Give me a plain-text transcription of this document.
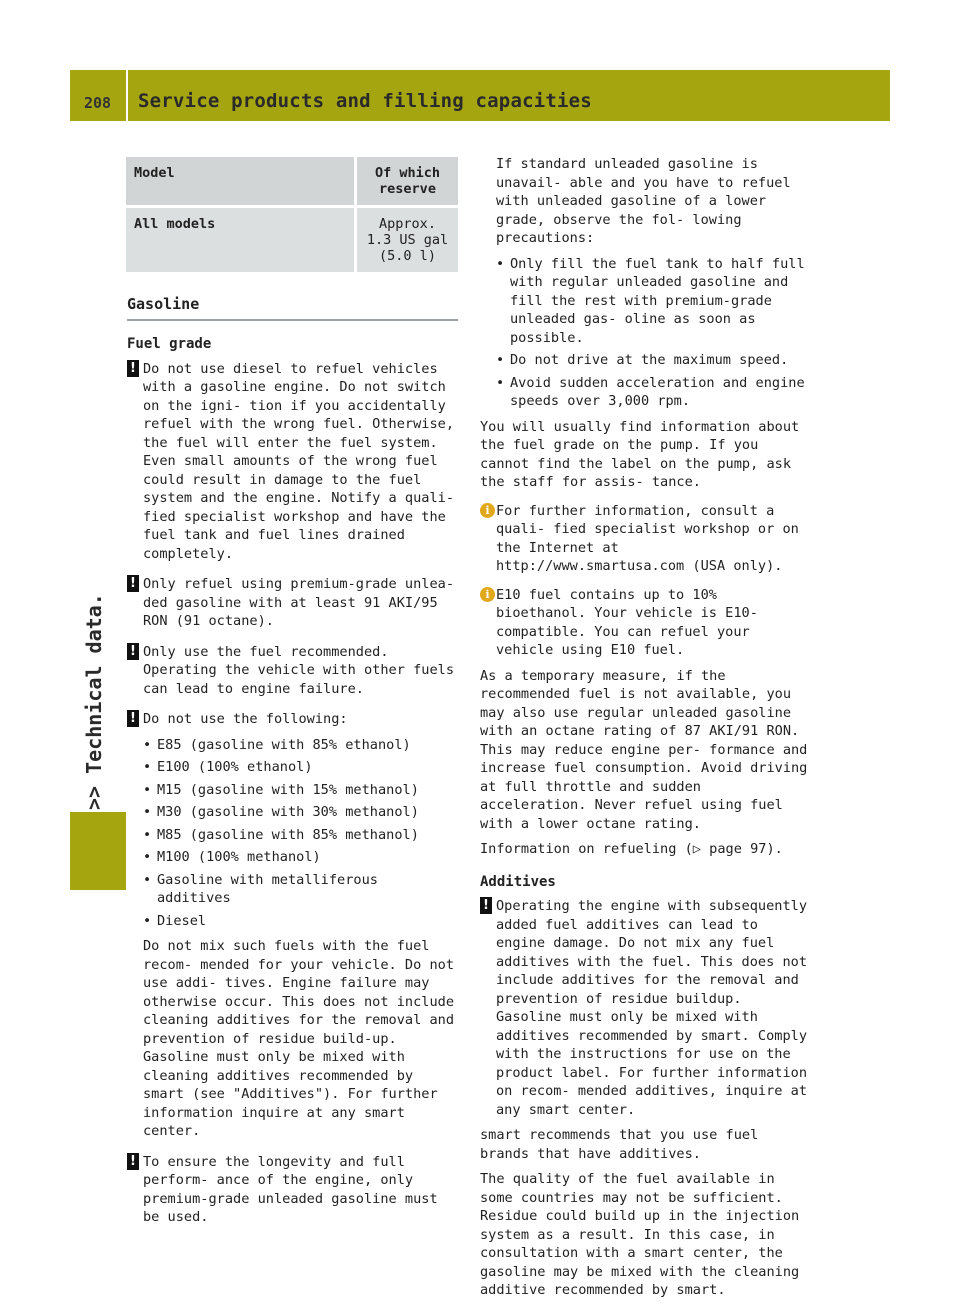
208 Service products and filling capacities
>> Technical data.
Model	Of which reserve
All models	Approx.
1.3 US gal
(5.0 l)
Gasoline
Fuel grade
! Do not use diesel to refuel vehicles with a gasoline engine. Do not switch on the igni- tion if you accidentally refuel with the wrong fuel. Otherwise, the fuel will enter the fuel system. Even small amounts of the wrong fuel could result in damage to the fuel system and the engine. Notify a quali- fied specialist workshop and have the fuel tank and fuel lines drained completely.
! Only refuel using premium-grade unlea- ded gasoline with at least 91 AKI/95 RON (91 octane).
! Only use the fuel recommended. Operating the vehicle with other fuels can lead to engine failure.
! Do not use the following:
• E85 (gasoline with 85% ethanol)
• E100 (100% ethanol)
• M15 (gasoline with 15% methanol)
• M30 (gasoline with 30% methanol)
• M85 (gasoline with 85% methanol)
• M100 (100% methanol)
• Gasoline with metalliferous additives
• Diesel

Do not mix such fuels with the fuel recom- mended for your vehicle. Do not use addi- tives. Engine failure may otherwise occur. This does not include cleaning additives for the removal and prevention of residue build-up. Gasoline must only be mixed with cleaning additives recommended by smart (see "Additives"). For further information inquire at any smart center.

! To ensure the longevity and full perform- ance of the engine, only premium-grade unleaded gasoline must be used.

If standard unleaded gasoline is unavail- able and you have to refuel with unleaded gasoline of a lower grade, observe the fol- lowing precautions:

• Only fill the fuel tank to half full with regular unleaded gasoline and fill the rest with premium-grade unleaded gas- oline as soon as possible.
• Do not drive at the maximum speed.
• Avoid sudden acceleration and engine speeds over 3,000 rpm.

You will usually find information about the fuel grade on the pump. If you cannot find the label on the pump, ask the staff for assis- tance.

i For further information, consult a quali- fied specialist workshop or on the Internet at http://www.smartusa.com (USA only).
i E10 fuel contains up to 10% bioethanol. Your vehicle is E10-compatible. You can refuel your vehicle using E10 fuel.

As a temporary measure, if the recommended fuel is not available, you may also use regular unleaded gasoline with an octane rating of 87 AKI/91 RON. This may reduce engine per- formance and increase fuel consumption. Avoid driving at full throttle and sudden acceleration. Never refuel using fuel with a lower octane rating.

Information on refueling (▷ page 97).

Additives
! Operating the engine with subsequently added fuel additives can lead to engine damage. Do not mix any fuel additives with the fuel. This does not include additives for the removal and prevention of residue buildup. Gasoline must only be mixed with additives recommended by smart. Comply with the instructions for use on the product label. For further information on recom- mended additives, inquire at any smart center.

smart recommends that you use fuel brands that have additives.

The quality of the fuel available in some countries may not be sufficient. Residue could build up in the injection system as a result. In this case, in consultation with a smart center, the gasoline may be mixed with the cleaning additive recommended by smart.
